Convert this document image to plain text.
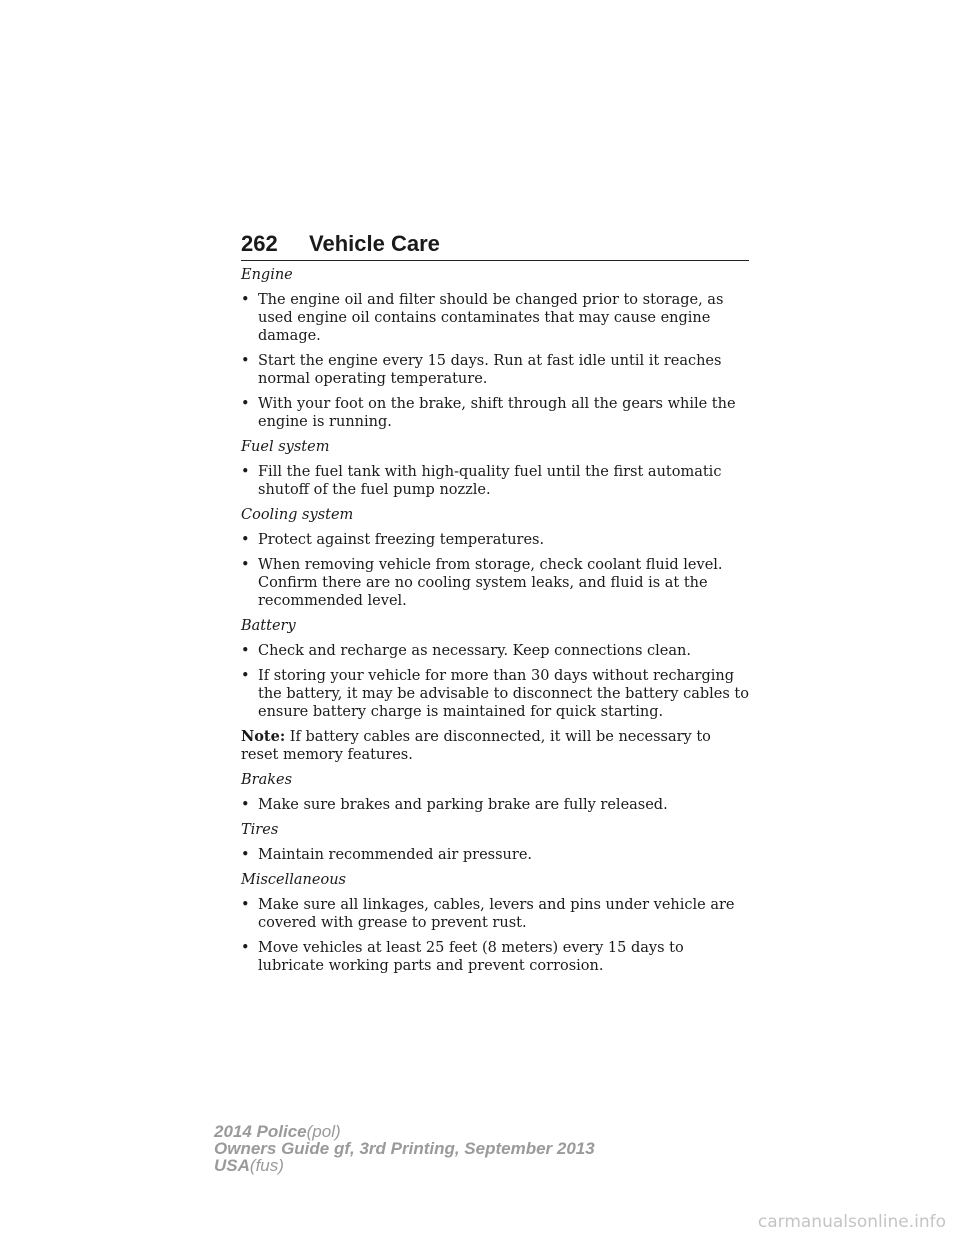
262 Vehicle Care
Engine
• The engine oil and filter should be changed prior to storage, as used engine oil contains contaminates that may cause engine damage.
• Start the engine every 15 days. Run at fast idle until it reaches normal operating temperature.
• With your foot on the brake, shift through all the gears while the engine is running.
Fuel system
• Fill the fuel tank with high-quality fuel until the first automatic shutoff of the fuel pump nozzle.
Cooling system
• Protect against freezing temperatures.
• When removing vehicle from storage, check coolant fluid level. Confirm there are no cooling system leaks, and fluid is at the recommended level.
Battery
• Check and recharge as necessary. Keep connections clean.
• If storing your vehicle for more than 30 days without recharging the battery, it may be advisable to disconnect the battery cables to ensure battery charge is maintained for quick starting.
Note: If battery cables are disconnected, it will be necessary to reset memory features.
Brakes
• Make sure brakes and parking brake are fully released.
Tires
• Maintain recommended air pressure.
Miscellaneous
• Make sure all linkages, cables, levers and pins under vehicle are covered with grease to prevent rust.
• Move vehicles at least 25 feet (8 meters) every 15 days to lubricate working parts and prevent corrosion.
2014 Police(pol)
Owners Guide gf, 3rd Printing, September 2013
USA(fus)
carmanualsonline.info
